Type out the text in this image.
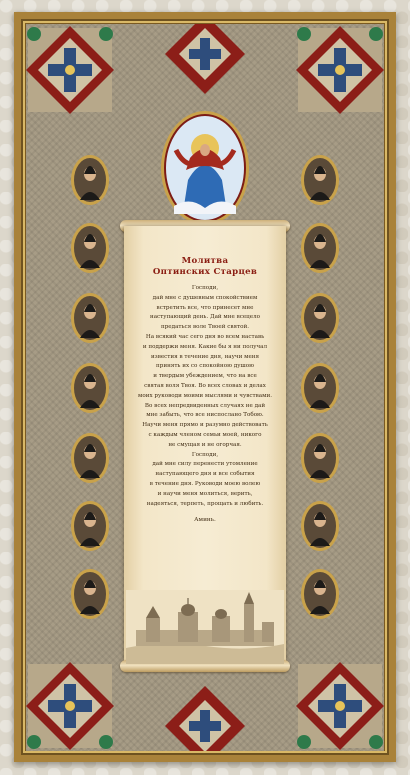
Молитва
Оптинских Старцев
Господи,
дай мне с душевным спокойствием
встретить все, что принесет мне
наступающий день. Дай мне всецело
предаться воле Твоей святой.
На всякий час сего дня во всем наставь
и поддержи меня. Какие бы я ни получал
известия в течение дня, научи меня
принять их со спокойною душою
и твердым убеждением, что на все
святая воля Твоя. Во всех словах и делах
моих руководи моими мыслями и чувствами.
Во всех непредвиденных случаях не дай
мне забыть, что все ниспослано Тобою.
Научи меня прямо и разумно действовать
с каждым членом семьи моей, никого
не смущая и не огорчая.
Господи,
дай мне силу перенести утомление
наступающего дня и все события
в течение дня. Руководи моею волею
и научи меня молиться, верить,
надеяться, терпеть, прощать и любить.
Аминь.
